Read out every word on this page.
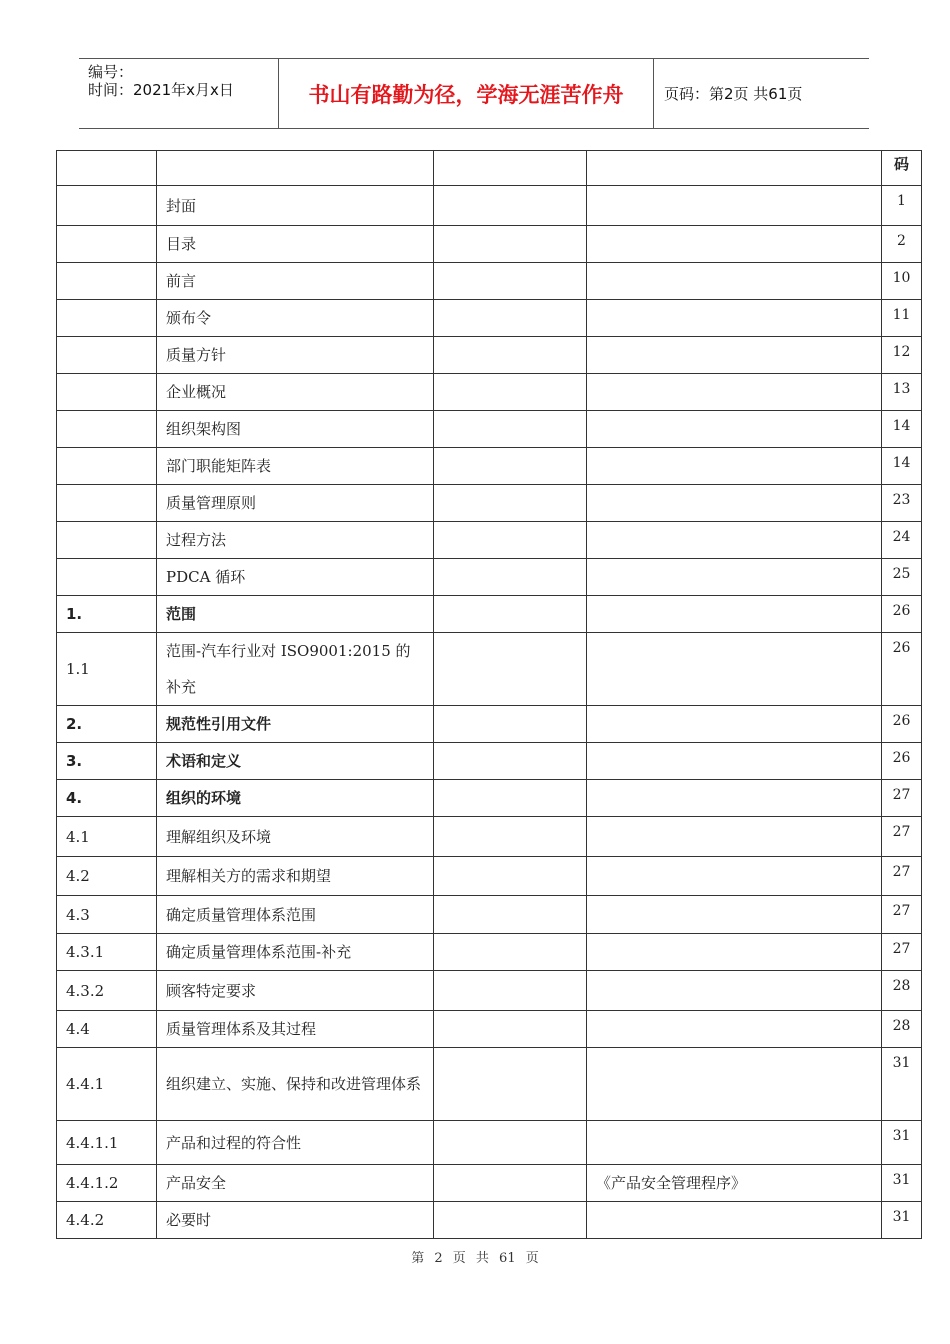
编号：
时间：2021年x月x日	书山有路勤为径，学海无涯苦作舟	页码：第2页 共61页
				码
	封面			1
	目录			2
	前言			10
	颁布令			11
	质量方针			12
	企业概况			13
	组织架构图			14
	部门职能矩阵表			14
	质量管理原则			23
	过程方法			24
	PDCA 循环			25
1.	范围			26
1.1	范围-汽车行业对 ISO9001:2015 的补充			26
2.	规范性引用文件			26
3.	术语和定义			26
4.	组织的环境			27
4.1	理解组织及环境			27
4.2	理解相关方的需求和期望			27
4.3	确定质量管理体系范围			27
4.3.1	确定质量管理体系范围-补充			27
4.3.2	顾客特定要求			28
4.4	质量管理体系及其过程			28
4.4.1	组织建立、实施、保持和改进管理体系			31
4.4.1.1	产品和过程的符合性			31
4.4.1.2	产品安全		《产品安全管理程序》	31
4.4.2	必要时			31
第 2 页 共 61 页
